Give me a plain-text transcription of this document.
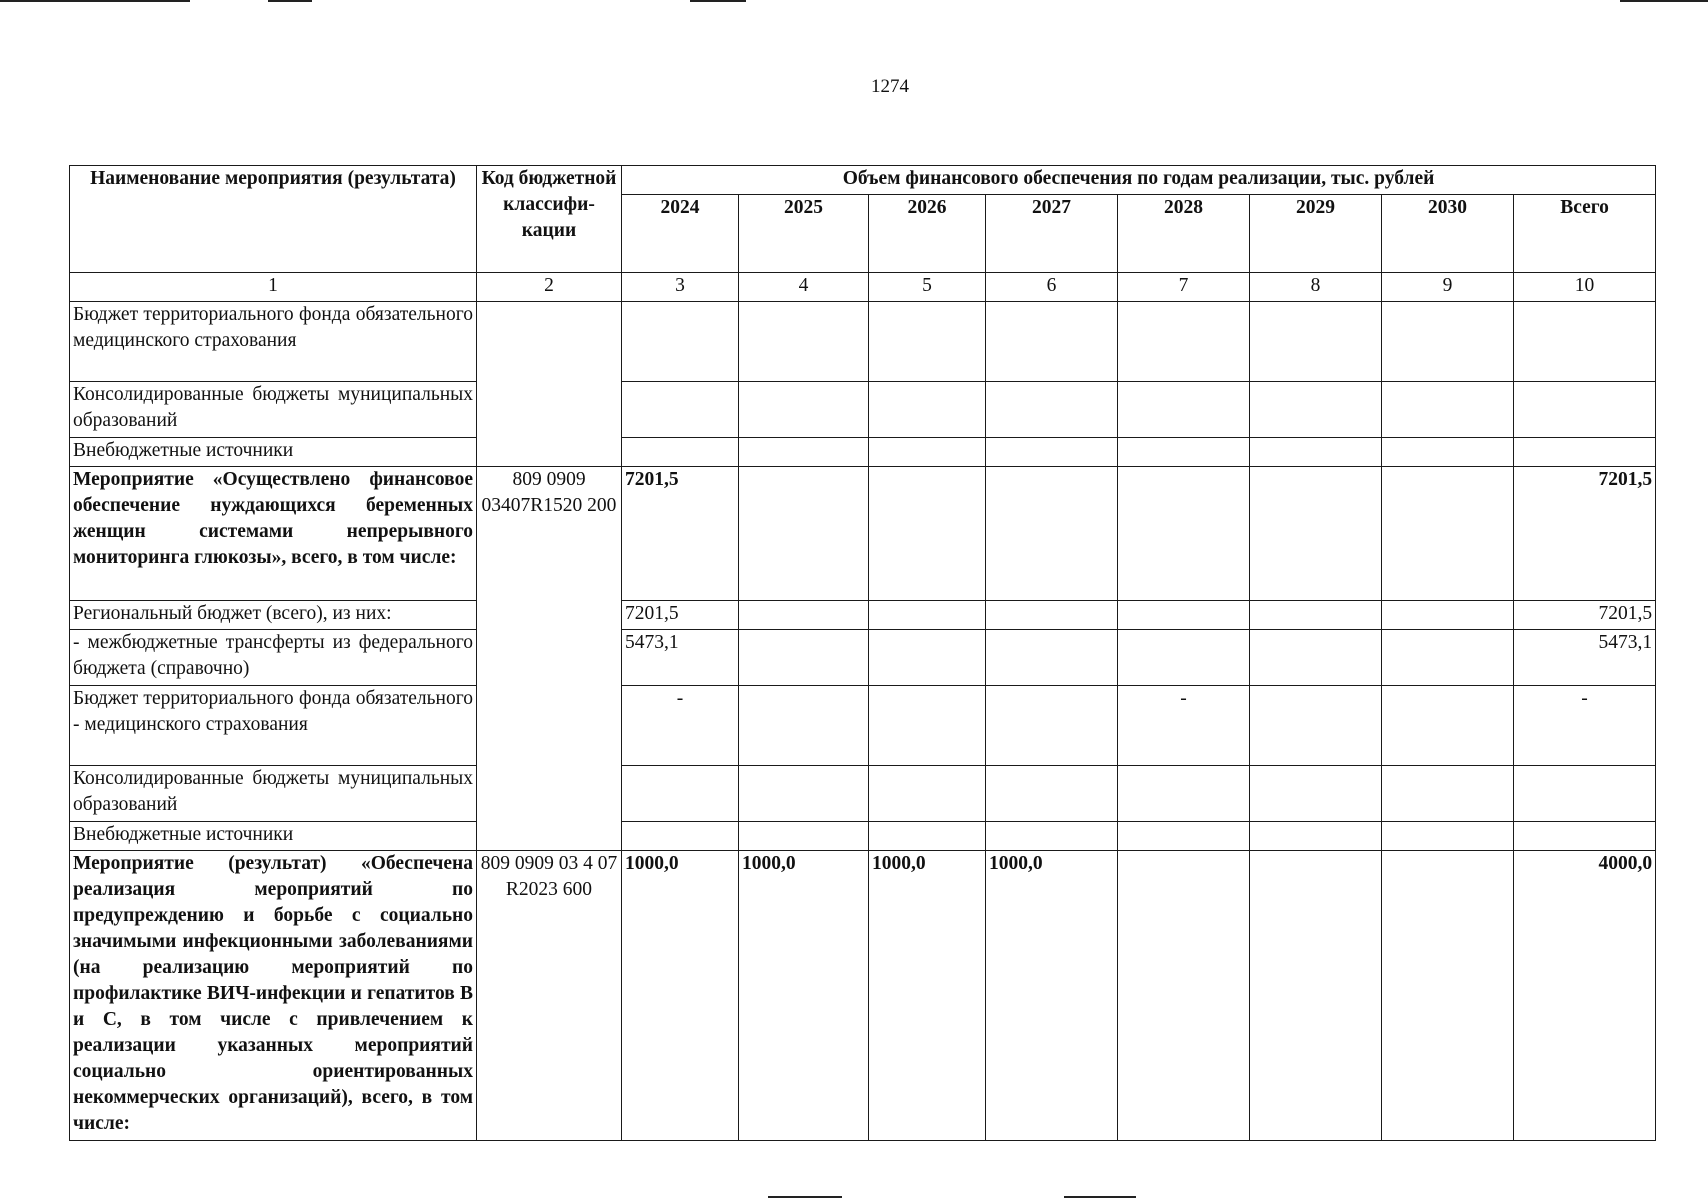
1274
Наименование мероприятия (результата)	Код бюджетной классифи-кации	Объем финансового обеспечения по годам реализации, тыс. рублей							
		2024	2025	2026	2027	2028	2029	2030	Всего
1	2	3	4	5	6	7	8	9	10
Бюджет территориального фонда обязательного медицинского страхования									
Консолидированные бюджеты муниципальных образований									
Внебюджетные источники									
Мероприятие «Осуществлено финансовое обеспечение нуждающихся беременных женщин системами непрерывного мониторинга глюкозы», всего, в том числе:	809 0909 03407R1520 200	7201,5							7201,5
Региональный бюджет (всего), из них:		7201,5							7201,5
- межбюджетные трансферты из федерального бюджета (справочно)		5473,1							5473,1
Бюджет территориального фонда обязательного - медицинского страхования		-				-			-
Консолидированные бюджеты муниципальных образований									
Внебюджетные источники									
Мероприятие (результат) «Обеспечена реализация мероприятий по предупреждению и борьбе с социально значимыми инфекционными заболеваниями (на реализацию мероприятий по профилактике ВИЧ-инфекции и гепатитов В и С, в том числе с привлечением к реализации указанных мероприятий социально ориентированных некоммерческих организаций), всего, в том числе:	809 0909 03 4 07 R2023 600	1000,0	1000,0	1000,0	1000,0				4000,0
